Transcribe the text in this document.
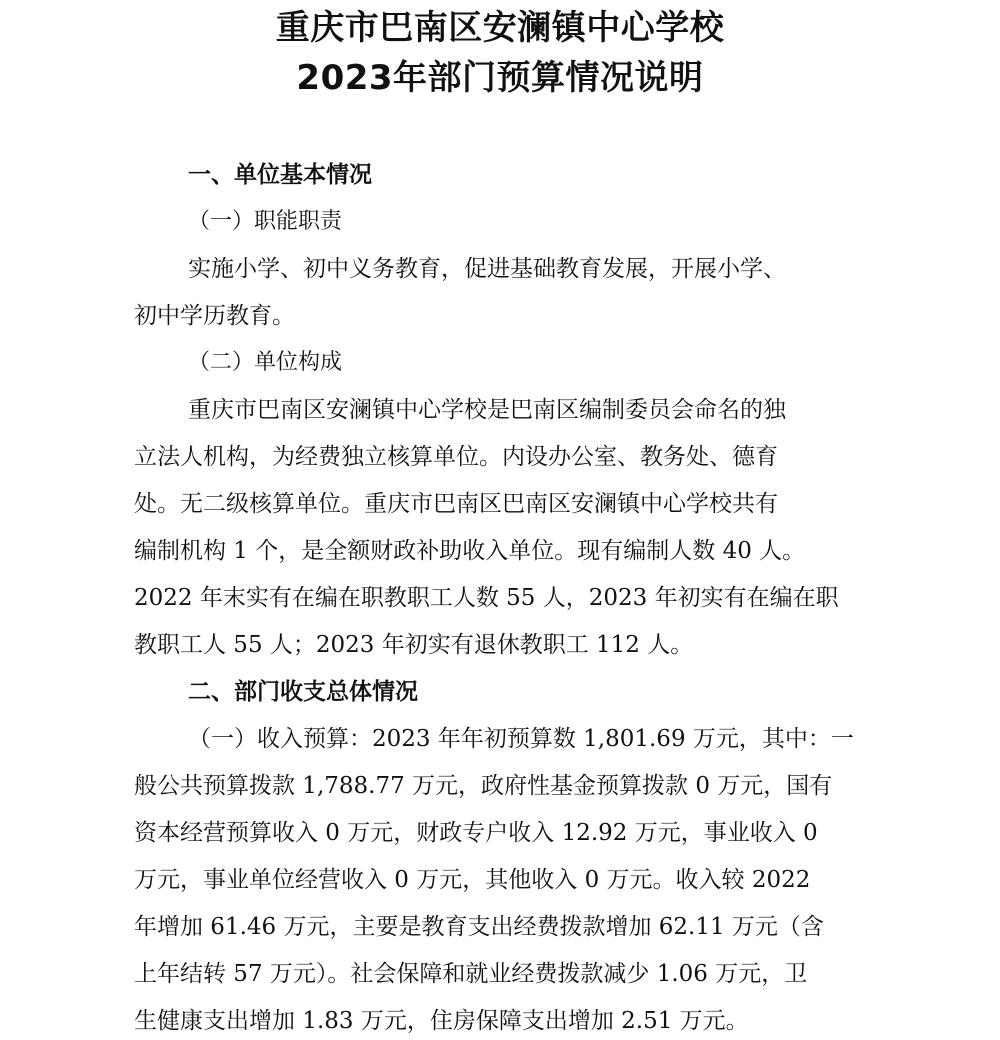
重庆市巴南区安澜镇中心学校
2023年部门预算情况说明
一、单位基本情况
（一）职能职责
实施小学、初中义务教育，促进基础教育发展，开展小学、
初中学历教育。
（二）单位构成
重庆市巴南区安澜镇中心学校是巴南区编制委员会命名的独
立法人机构，为经费独立核算单位。内设办公室、教务处、德育
处。无二级核算单位。重庆市巴南区巴南区安澜镇中心学校共有
编制机构 1 个，是全额财政补助收入单位。现有编制人数 40 人。
2022 年末实有在编在职教职工人数 55 人，2023 年初实有在编在职
教职工人 55 人；2023 年初实有退休教职工 112 人。
二、部门收支总体情况
（一）收入预算：2023 年年初预算数 1,801.69 万元，其中：一
般公共预算拨款 1,788.77 万元，政府性基金预算拨款 0 万元，国有
资本经营预算收入 0 万元，财政专户收入 12.92 万元，事业收入 0
万元，事业单位经营收入 0 万元，其他收入 0 万元。收入较 2022
年增加 61.46 万元，主要是教育支出经费拨款增加 62.11 万元（含
上年结转 57 万元）。社会保障和就业经费拨款减少 1.06 万元，卫
生健康支出增加 1.83 万元，住房保障支出增加 2.51 万元。
